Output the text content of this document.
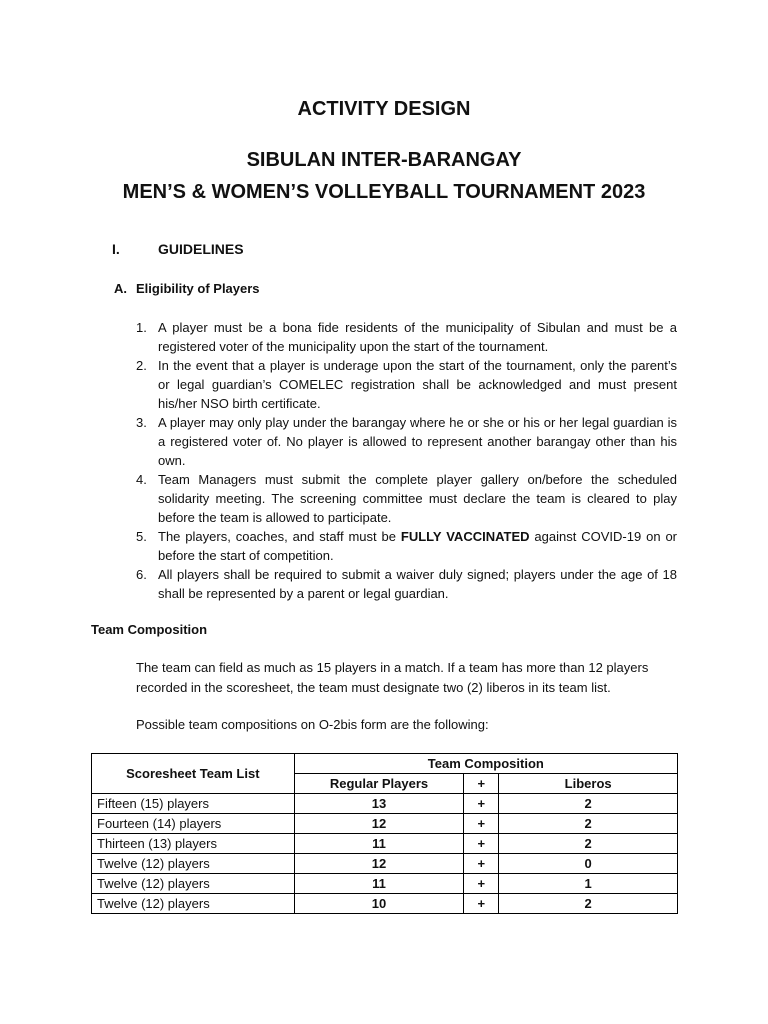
ACTIVITY DESIGN
SIBULAN INTER-BARANGAY
MEN’S & WOMEN’S VOLLEYBALL TOURNAMENT 2023
I.	GUIDELINES
A. Eligibility of Players
1. A player must be a bona fide residents of the municipality of Sibulan and must be a registered voter of the municipality upon the start of the tournament.
2. In the event that a player is underage upon the start of the tournament, only the parent’s or legal guardian’s COMELEC registration shall be acknowledged and must present his/her NSO birth certificate.
3. A player may only play under the barangay where he or she or his or her legal guardian is a registered voter of. No player is allowed to represent another barangay other than his own.
4. Team Managers must submit the complete player gallery on/before the scheduled solidarity meeting. The screening committee must declare the team is cleared to play before the team is allowed to participate.
5. The players, coaches, and staff must be FULLY VACCINATED against COVID-19 on or before the start of competition.
6. All players shall be required to submit a waiver duly signed; players under the age of 18 shall be represented by a parent or legal guardian.
Team Composition

The team can field as much as 15 players in a match. If a team has more than 12 players recorded in the scoresheet, the team must designate two (2) liberos in its team list.

Possible team compositions on O-2bis form are the following:

Scoresheet Team List	Team Composition		
	Regular Players	+	Liberos
Fifteen (15) players	13	+	2
Fourteen (14) players	12	+	2
Thirteen (13) players	11	+	2
Twelve (12) players	12	+	0
Twelve (12) players	11	+	1
Twelve (12) players	10	+	2
